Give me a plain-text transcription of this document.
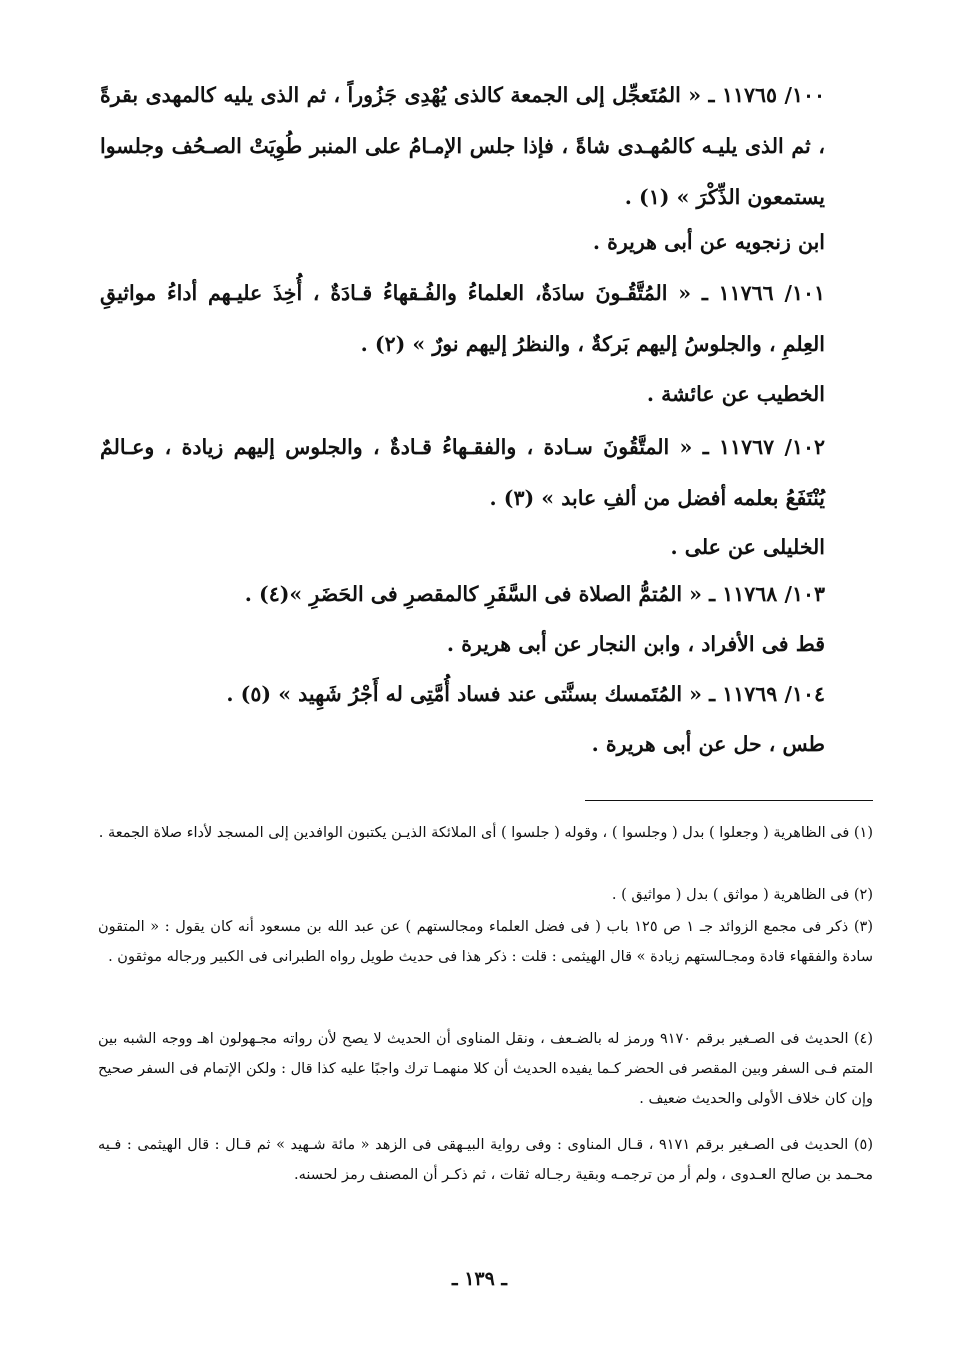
١٠٠/ ١١٧٦٥ ـ « المُتَعجِّل إلى الجمعة كالذى يُهْدِى جَزُوراً ، ثم الذى يليه كالمهدى بقرةً ، ثم الذى يليـه كالمُهـدى شاةً ، فإذا جلس الإمـامُ على المنبر طُوِيَتْ الصـحُف وجلسوا يستمعون الذِّكْرَ » (١) .
ابن زنجويه عن أبى هريرة .
١٠١/ ١١٧٦٦ ـ « المُتَّقُـونَ سادَةٌ، العلماءُ والفُـقهاءُ قـادَةٌ ، أُخِذَ عليـهم أداءُ مواثيقِ العِلمِ ، والجلوسُ إليهم بَركةٌ ، والنظرُ إليهم نورٌ » (٢) .
الخطيب عن عائشة .
١٠٢/ ١١٧٦٧ ـ « المتَّقُونَ سـادة ، والفقـهاءُ قـادةٌ ، والجلوس إليهم زيادة ، وعـالمٌ يُنْتَفَعُ بعلمه أفضل من ألفِ عابد » (٣) .
الخليلى عن على .
١٠٣/ ١١٧٦٨ ـ « المُتمُّ الصلاة فى السَّفَرِ كالمقصرِ فى الحَضَرِ »(٤) .
قط فى الأفراد ، وابن النجار عن أبى هريرة .
١٠٤/ ١١٧٦٩ ـ « المُتَمسك بسنَّتى عند فساد أُمَّتِى له أَجْرُ شَهِيد » (٥) .
طس ، حل عن أبى هريرة .
(١) فى الظاهرية ( وجعلوا ) بدل ( وجلسوا ) ، وقوله ( جلسوا ) أى الملائكة الذيـن يكتبون الوافدين إلى المسجد لأداء صلاة الجمعة .
(٢) فى الظاهرية ( مواثق ) بدل ( مواثيق ) .
(٣) ذكر فى مجمع الزوائد جـ ١ ص ١٢٥ باب ( فى فضل العلماء ومجالستهم ) عن عبد الله بن مسعود أنه كان يقول : « المتقون سادة والفقهاء قادة ومجـالستهم زيادة » قال الهيثمى : قلت : ذكر هذا فى حديث طويل رواه الطبرانى فى الكبير ورجاله موثقون .
(٤) الحديث فى الصـغير برقم ٩١٧٠ ورمز له بالضـعف ، ونقل المناوى أن الحديث لا يصح لأن رواته مجـهولون اهـ ووجه الشبه بين المتم فـى السفر وبين المقصر فى الحضر كـما يفيده الحديث أن كلا منهمـا ترك واجبًا عليه كذا قال : ولكن الإتمام فى السفر صحيح وإن كان خلاف الأولى والحديث ضعيف .
(٥) الحديث فى الصـغير برقم ٩١٧١ ، قـال المناوى : وفى رواية البيـهقى فى الزهد « مائة شـهيد » ثم قـال : قال الهيثمى : فـيه محـمد بن صالح العـدوى ، ولم أر من ترجمـه وبقية رجـاله ثقات ، ثم ذكـر أن المصنف رمز لحسنه.
ـ ١٣٩ ـ
